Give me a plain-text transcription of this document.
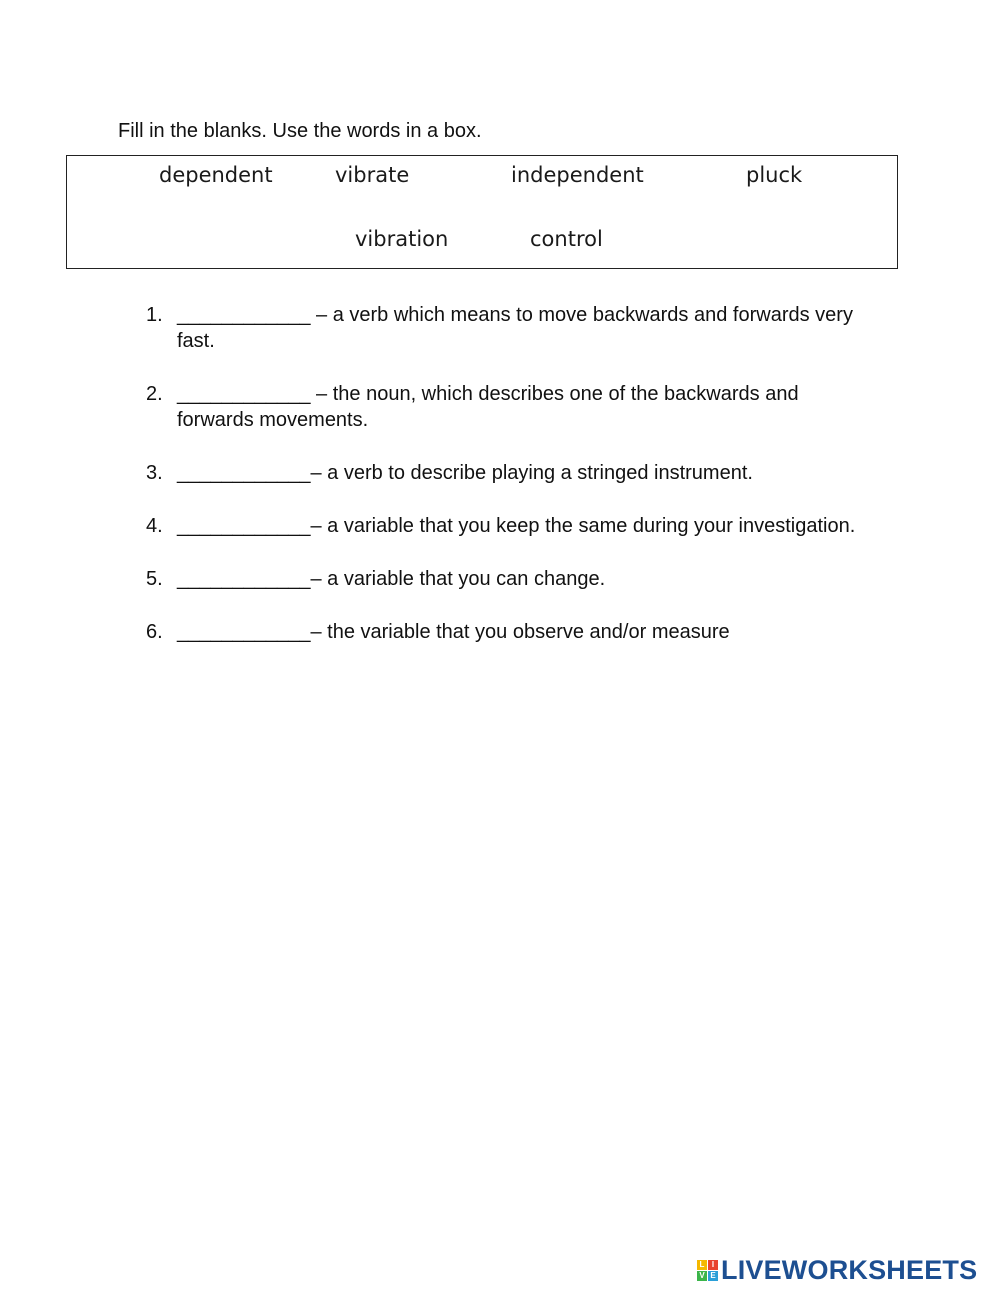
Fill in the blanks. Use the words in a box.
dependent	vibrate	independent	pluck
vibration	control
1. ____________ – a verb which means to move backwards and forwards very fast.
2. ____________ – the noun, which describes one of the backwards and forwards movements.
3. ____________– a verb to describe playing a stringed instrument.
4. ____________– a variable that you keep the same during your investigation.
5. ____________– a variable that you can change.
6. ____________– the variable that you observe and/or measure
L I
V E LIVEWORKSHEETS
